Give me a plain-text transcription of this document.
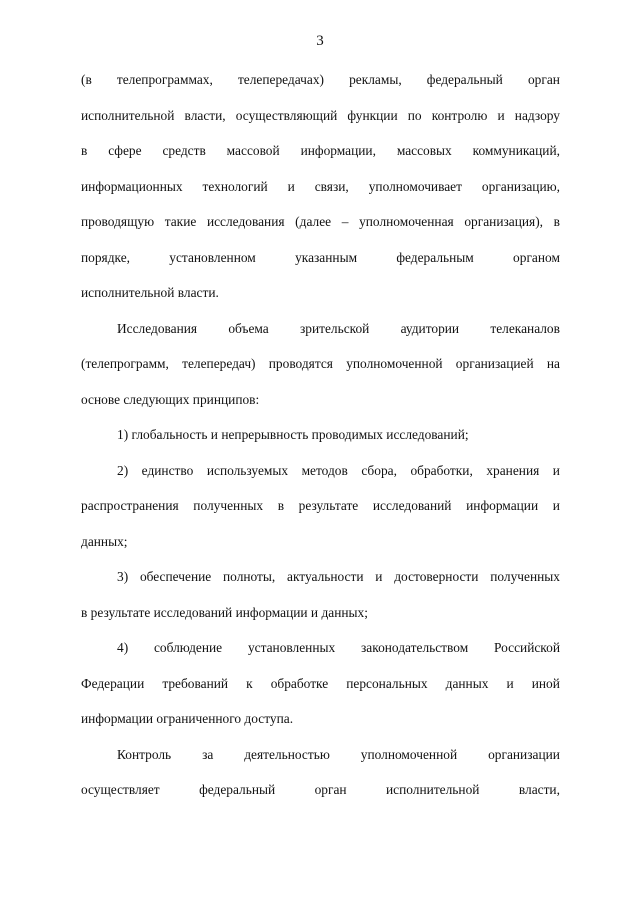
3
(в телепрограммах, телепередачах) рекламы, федеральный орган
исполнительной власти, осуществляющий функции по контролю и надзору
в сфере средств массовой информации, массовых коммуникаций,
информационных технологий и связи, уполномочивает организацию,
проводящую такие исследования (далее – уполномоченная организация), в
порядке,	установленном	указанным	федеральным	органом
исполнительной власти.
Исследования объема зрительской аудитории телеканалов
(телепрограмм, телепередач) проводятся уполномоченной организацией на
основе следующих принципов:
1) глобальность и непрерывность проводимых исследований;
2) единство используемых методов сбора, обработки, хранения и
распространения полученных в результате исследований информации и
данных;
3) обеспечение полноты, актуальности и достоверности полученных
в результате исследований информации и данных;
4) соблюдение установленных законодательством Российской
Федерации требований к обработке персональных данных и иной
информации ограниченного доступа.
Контроль за деятельностью уполномоченной организации
осуществляет	федеральный	орган	исполнительной	власти,
